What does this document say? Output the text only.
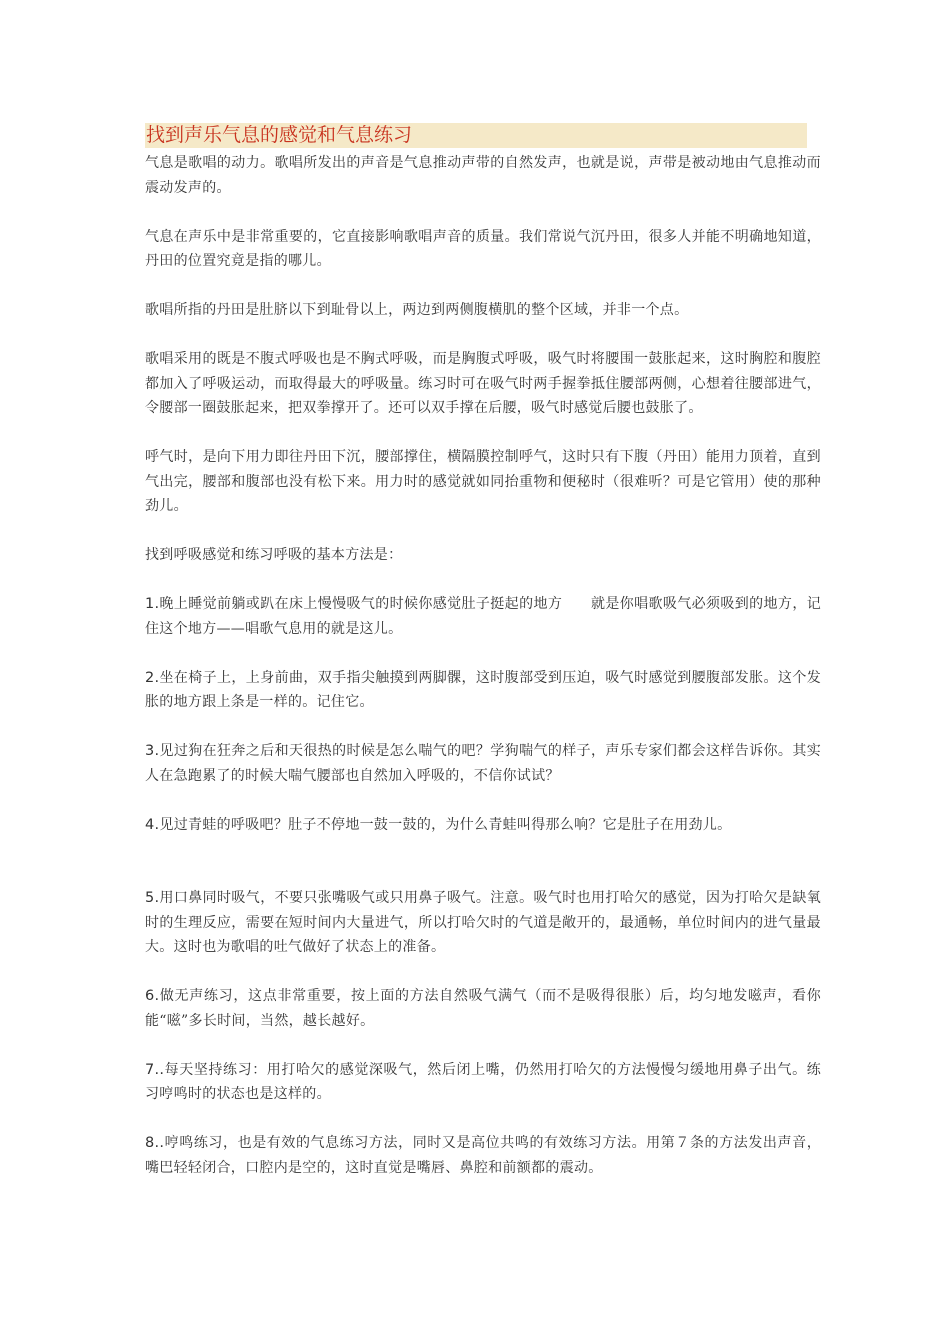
找到声乐气息的感觉和气息练习

气息是歌唱的动力。歌唱所发出的声音是气息推动声带的自然发声，也就是说，声带是被动地由气息推动而震动发声的。

气息在声乐中是非常重要的，它直接影响歌唱声音的质量。我们常说气沉丹田，很多人并能不明确地知道，丹田的位置究竟是指的哪儿。

歌唱所指的丹田是肚脐以下到耻骨以上，两边到两侧腹横肌的整个区域，并非一个点。

歌唱采用的既是不腹式呼吸也是不胸式呼吸，而是胸腹式呼吸，吸气时将腰围一鼓胀起来，这时胸腔和腹腔都加入了呼吸运动，而取得最大的呼吸量。练习时可在吸气时两手握拳抵住腰部两侧，心想着往腰部进气，令腰部一圈鼓胀起来，把双拳撑开了。还可以双手撑在后腰，吸气时感觉后腰也鼓胀了。

呼气时，是向下用力即往丹田下沉，腰部撑住，横隔膜控制呼气，这时只有下腹（丹田）能用力顶着，直到气出完，腰部和腹部也没有松下来。用力时的感觉就如同抬重物和便秘时（很难听？可是它管用）使的那种劲儿。

找到呼吸感觉和练习呼吸的基本方法是：

1.晚上睡觉前躺或趴在床上慢慢吸气的时候你感觉肚子挺起的地方　　就是你唱歌吸气必须吸到的地方，记住这个地方——唱歌气息用的就是这儿。

2.坐在椅子上，上身前曲，双手指尖触摸到两脚髁，这时腹部受到压迫，吸气时感觉到腰腹部发胀。这个发胀的地方跟上条是一样的。记住它。

3.见过狗在狂奔之后和天很热的时候是怎么喘气的吧？学狗喘气的样子，声乐专家们都会这样告诉你。其实人在急跑累了的时候大喘气腰部也自然加入呼吸的，不信你试试？

4.见过青蛙的呼吸吧？肚子不停地一鼓一鼓的，为什么青蛙叫得那么响？它是肚子在用劲儿。

5.用口鼻同时吸气，不要只张嘴吸气或只用鼻子吸气。注意。吸气时也用打哈欠的感觉，因为打哈欠是缺氧时的生理反应，需要在短时间内大量进气，所以打哈欠时的气道是敞开的，最通畅，单位时间内的进气量最大。这时也为歌唱的吐气做好了状态上的准备。

6.做无声练习，这点非常重要，按上面的方法自然吸气满气（而不是吸得很胀）后，均匀地发嗞声，看你能“嗞”多长时间，当然，越长越好。

7..每天坚持练习：用打哈欠的感觉深吸气，然后闭上嘴，仍然用打哈欠的方法慢慢匀缓地用鼻子出气。练习哼鸣时的状态也是这样的。

8..哼鸣练习，也是有效的气息练习方法，同时又是高位共鸣的有效练习方法。用第７条的方法发出声音，嘴巴轻轻闭合，口腔内是空的，这时直觉是嘴唇、鼻腔和前额都的震动。
